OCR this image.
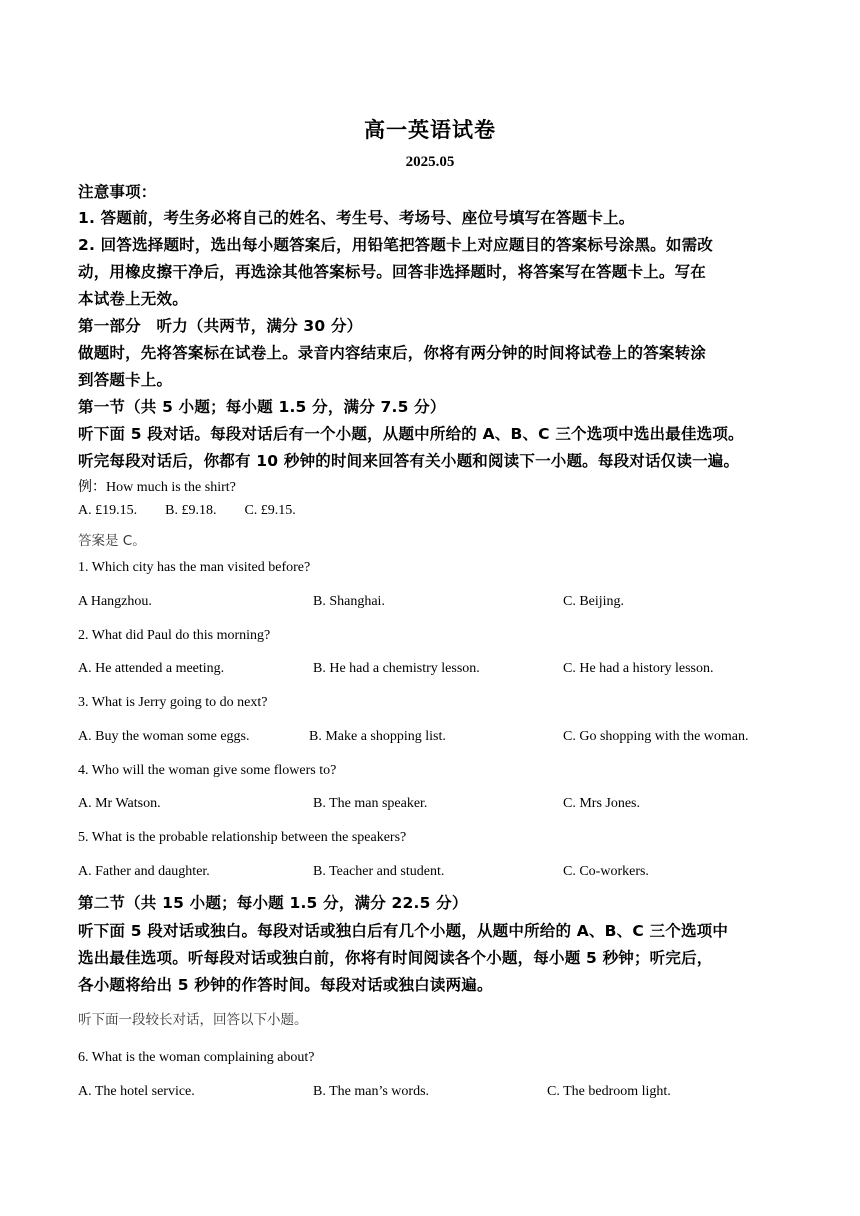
高一英语试卷
2025.05
注意事项：
1. 答题前，考生务必将自己的姓名、考生号、考场号、座位号填写在答题卡上。
2. 回答选择题时，选出每小题答案后，用铅笔把答题卡上对应题目的答案标号涂黑。如需改
动，用橡皮擦干净后，再选涂其他答案标号。回答非选择题时，将答案写在答题卡上。写在
本试卷上无效。
第一部分　听力（共两节，满分 30 分）
做题时，先将答案标在试卷上。录音内容结束后，你将有两分钟的时间将试卷上的答案转涂
到答题卡上。
第一节（共 5 小题；每小题 1.5 分，满分 7.5 分）
听下面 5 段对话。每段对话后有一个小题，从题中所给的 A、B、C 三个选项中选出最佳选项。
听完每段对话后，你都有 10 秒钟的时间来回答有关小题和阅读下一小题。每段对话仅读一遍。
例：How much is the shirt?
A. £19.15.        B. £9.18.        C. £9.15.
答案是 C。
1. Which city has the man visited before?
A Hangzhou.	B. Shanghai.	C. Beijing.
2. What did Paul do this morning?
A. He attended a meeting.	B. He had a chemistry lesson.	C. He had a history lesson.
3. What is Jerry going to do next?
A. Buy the woman some eggs.	B. Make a shopping list.	C. Go shopping with the woman.
4. Who will the woman give some flowers to?
A. Mr Watson.	B. The man speaker.	C. Mrs Jones.
5. What is the probable relationship between the speakers?
A. Father and daughter.	B. Teacher and student.	C. Co-workers.
第二节（共 15 小题；每小题 1.5 分，满分 22.5 分）
听下面 5 段对话或独白。每段对话或独白后有几个小题，从题中所给的 A、B、C 三个选项中
选出最佳选项。听每段对话或独白前，你将有时间阅读各个小题，每小题 5 秒钟；听完后，
各小题将给出 5 秒钟的作答时间。每段对话或独白读两遍。
听下面一段较长对话，回答以下小题。
6. What is the woman complaining about?
A. The hotel service.	B. The man’s words.	C. The bedroom light.
